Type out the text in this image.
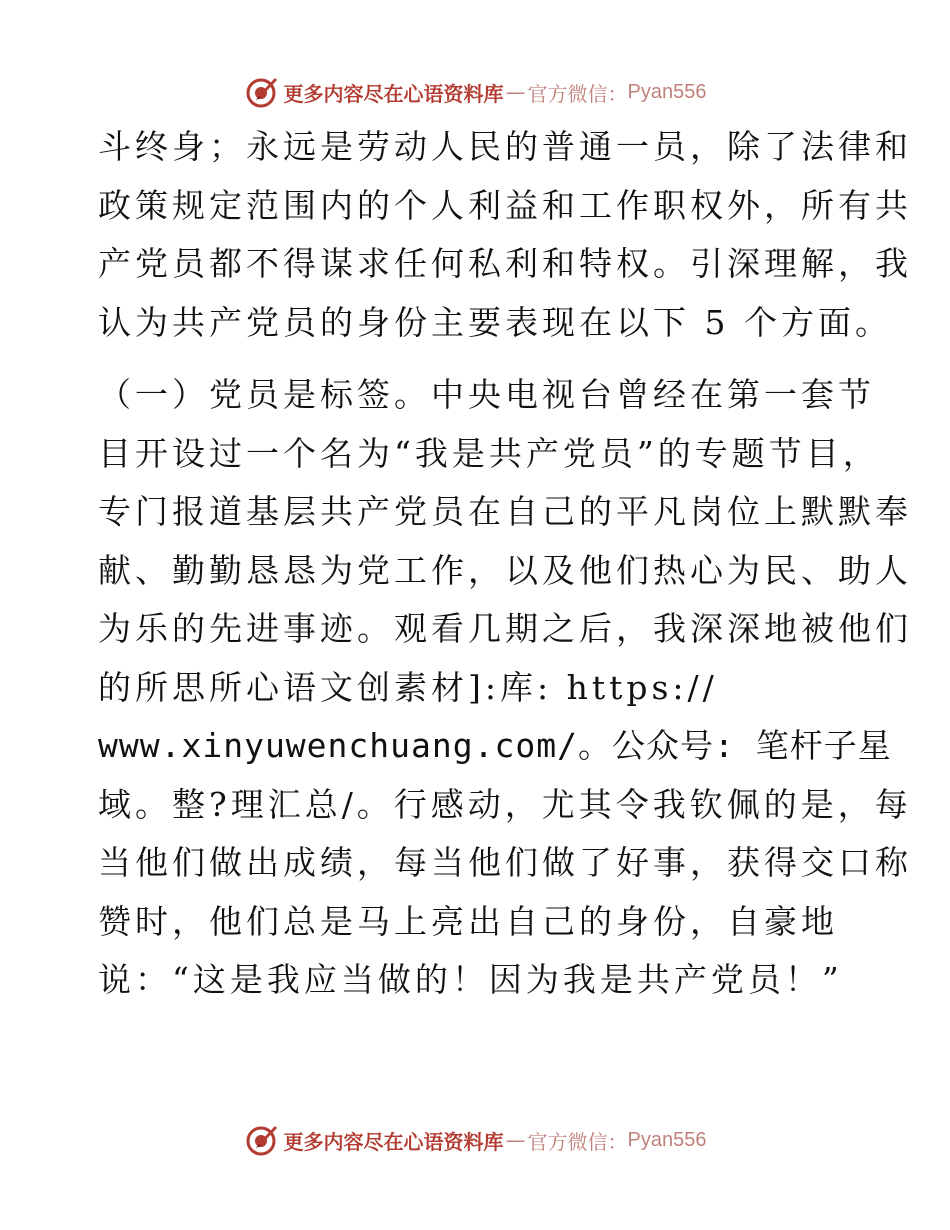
更多内容尽在心语资料库 — 官方微信： Pyan556
斗终身；永远是劳动人民的普通一员，除了法律和
政策规定范围内的个人利益和工作职权外，所有共
产党员都不得谋求任何私利和特权。引深理解，我
认为共产党员的身份主要表现在以下 5 个方面。
（一）党员是标签。中央电视台曾经在第一套节
目开设过一个名为“我是共产党员”的专题节目，
专门报道基层共产党员在自己的平凡岗位上默默奉
献、勤勤恳恳为党工作，以及他们热心为民、助人
为乐的先进事迹。观看几期之后，我深深地被他们
的所思所心语文创素材]:库: https://
www.xinyuwenchuang.com/。公众号: 笔杆子星
域。整?理汇总/。行感动，尤其令我钦佩的是，每
当他们做出成绩，每当他们做了好事，获得交口称
赞时，他们总是马上亮出自己的身份，自豪地
说：“这是我应当做的！因为我是共产党员！”
更多内容尽在心语资料库 — 官方微信： Pyan556
